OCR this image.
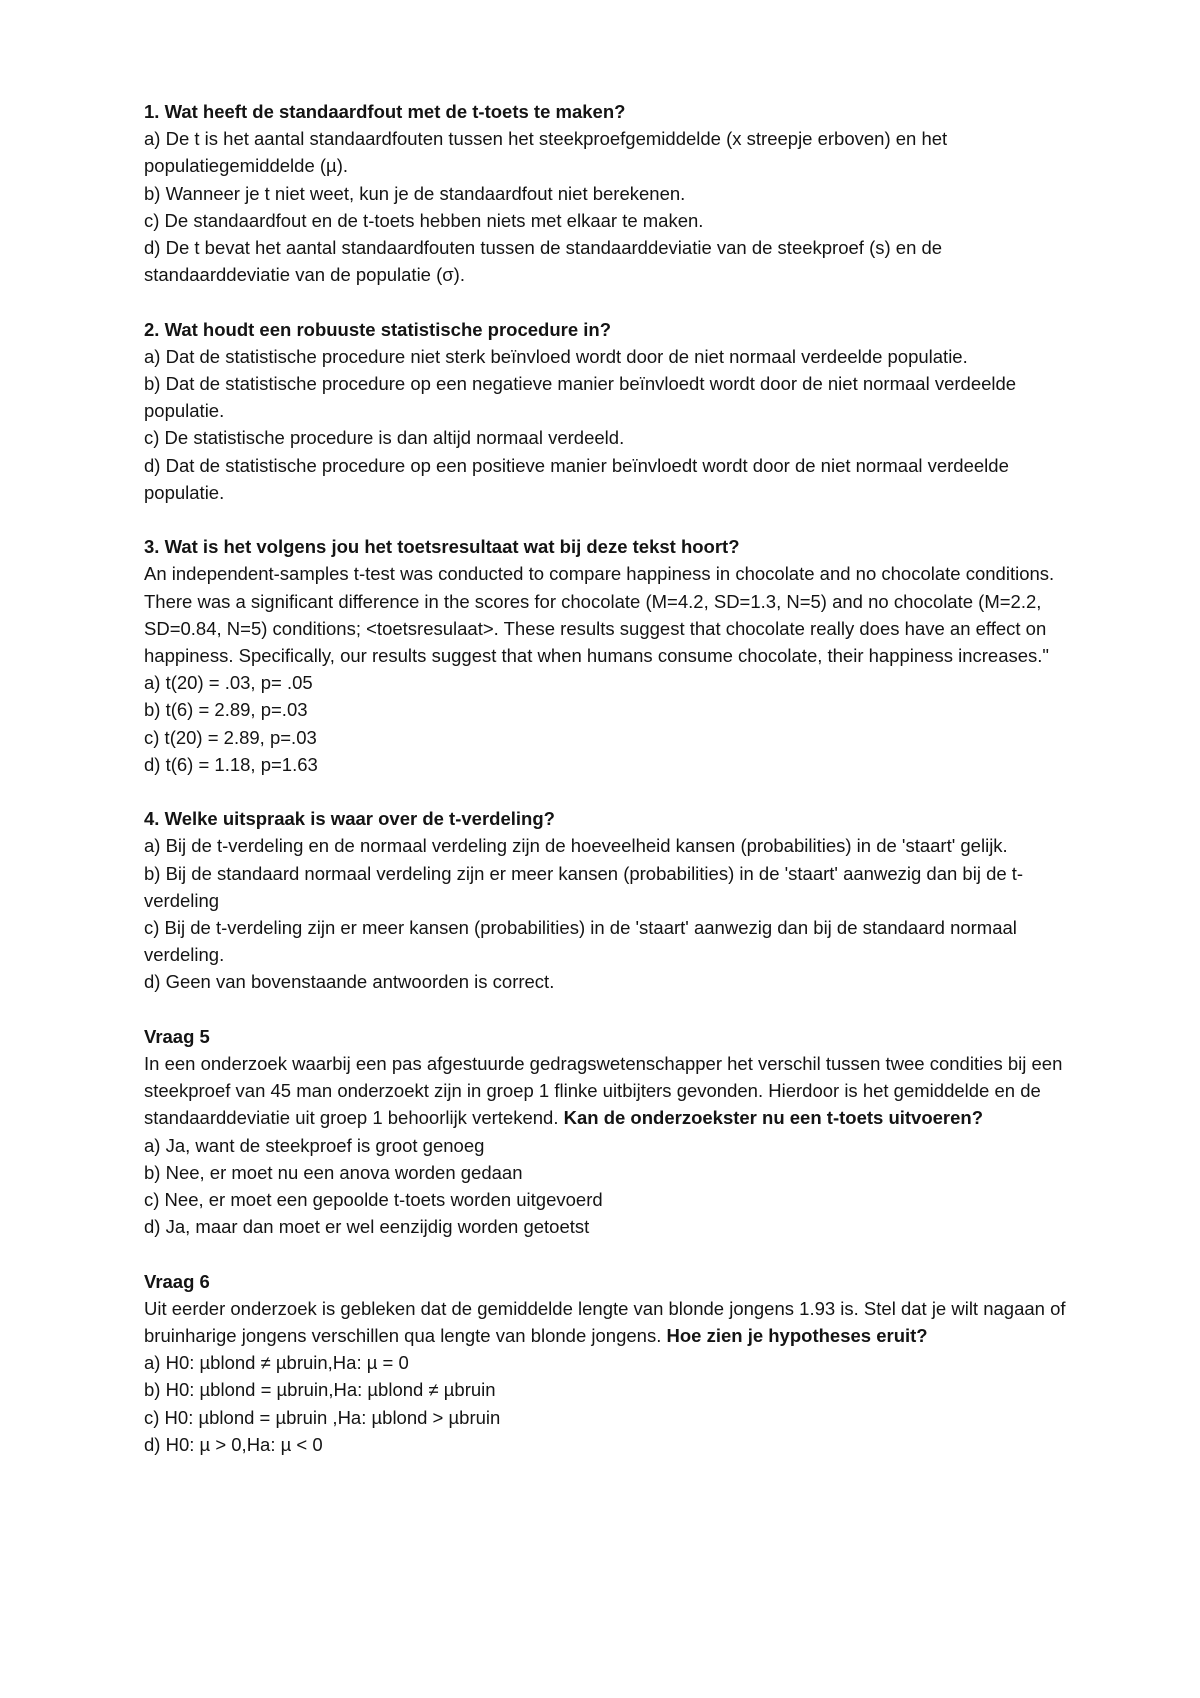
1. Wat heeft de standaardfout met de t-toets te maken?
a) De t is het aantal standaardfouten tussen het steekproefgemiddelde (x streepje erboven) en het populatiegemiddelde (µ).
b) Wanneer je t niet weet, kun je de standaardfout niet berekenen.
c) De standaardfout en de t-toets hebben niets met elkaar te maken.
d) De t bevat het aantal standaardfouten tussen de standaarddeviatie van de steekproef (s) en de standaarddeviatie van de populatie (σ).
2. Wat houdt een robuuste statistische procedure in?
a) Dat de statistische procedure niet sterk beïnvloed wordt door de niet normaal verdeelde populatie.
b) Dat de statistische procedure op een negatieve manier beïnvloedt wordt door de niet normaal verdeelde populatie.
c) De statistische procedure is dan altijd normaal verdeeld.
d) Dat de statistische procedure op een positieve manier beïnvloedt wordt door de niet normaal verdeelde populatie.
3. Wat is het volgens jou het toetsresultaat wat bij deze tekst hoort?
An independent-samples t-test was conducted to compare happiness in chocolate and no chocolate conditions. There was a significant difference in the scores for chocolate (M=4.2, SD=1.3, N=5) and no chocolate (M=2.2, SD=0.84, N=5) conditions; <toetsresulaat>. These results suggest that chocolate really does have an effect on happiness. Specifically, our results suggest that when humans consume chocolate, their happiness increases."
a) t(20) = .03, p= .05
b) t(6) = 2.89, p=.03
c) t(20) = 2.89, p=.03
d) t(6) = 1.18, p=1.63
4. Welke uitspraak is waar over de t-verdeling?
a) Bij de t-verdeling en de normaal verdeling zijn de hoeveelheid kansen (probabilities) in de 'staart' gelijk.
b) Bij de standaard normaal verdeling zijn er meer kansen (probabilities) in de 'staart' aanwezig dan bij de t-verdeling
c) Bij de t-verdeling zijn er meer kansen (probabilities) in de 'staart' aanwezig dan bij de standaard normaal verdeling.
d) Geen van bovenstaande antwoorden is correct.
Vraag 5
In een onderzoek waarbij een pas afgestuurde gedragswetenschapper het verschil tussen twee condities bij een steekproef van 45 man onderzoekt zijn in groep 1 flinke uitbijters gevonden. Hierdoor is het gemiddelde en de standaarddeviatie uit groep 1 behoorlijk vertekend. Kan de onderzoekster nu een t-toets uitvoeren?
a) Ja, want de steekproef is groot genoeg
b) Nee, er moet nu een anova worden gedaan
c) Nee, er moet een gepoolde t-toets worden uitgevoerd
d) Ja, maar dan moet er wel eenzijdig worden getoetst
Vraag 6
Uit eerder onderzoek is gebleken dat de gemiddelde lengte van blonde jongens 1.93 is. Stel dat je wilt nagaan of bruinharige jongens verschillen qua lengte van blonde jongens. Hoe zien je hypotheses eruit?
a) H0: µblond ≠ µbruin,Ha: µ = 0
b) H0: µblond = µbruin,Ha: µblond ≠ µbruin
c) H0: µblond = µbruin ,Ha: µblond > µbruin
d) H0: µ > 0,Ha: µ < 0
